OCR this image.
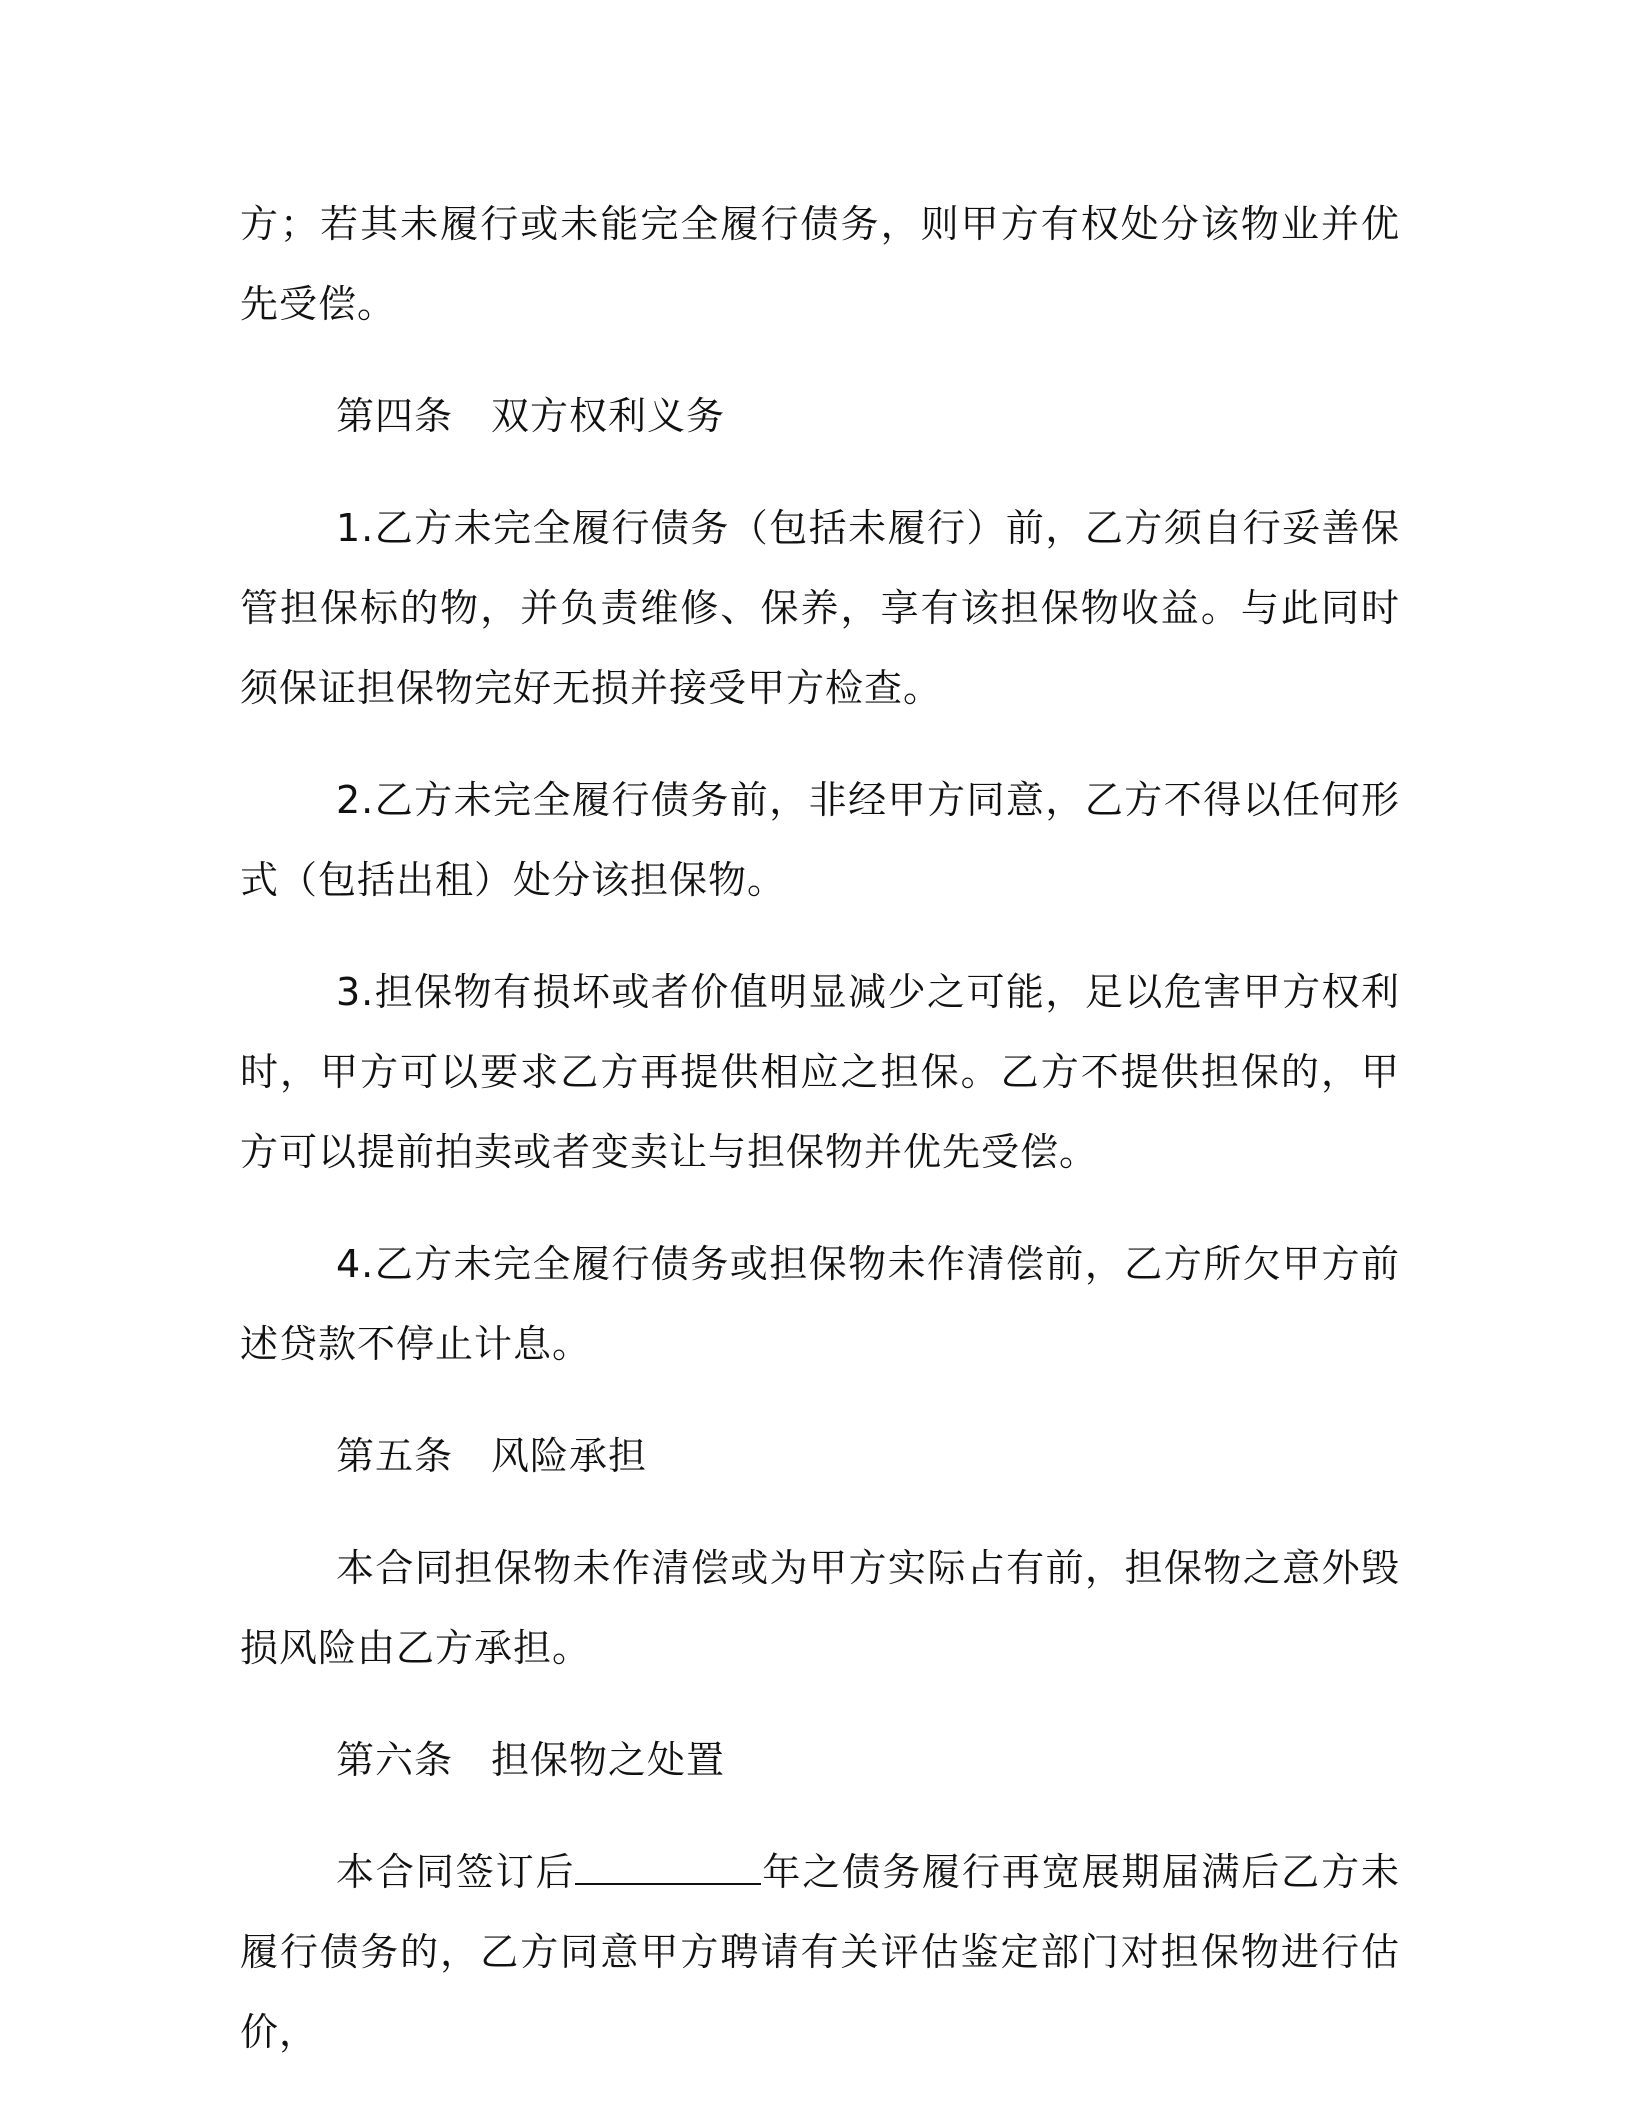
方；若其未履行或未能完全履行债务，则甲方有权处分该物业并优先受偿。

第四条 双方权利义务

1.乙方未完全履行债务（包括未履行）前，乙方须自行妥善保管担保标的物，并负责维修、保养，享有该担保物收益。与此同时须保证担保物完好无损并接受甲方检查。

2.乙方未完全履行债务前，非经甲方同意，乙方不得以任何形式（包括出租）处分该担保物。

3.担保物有损坏或者价值明显减少之可能，足以危害甲方权利时，甲方可以要求乙方再提供相应之担保。乙方不提供担保的，甲方可以提前拍卖或者变卖让与担保物并优先受偿。

4.乙方未完全履行债务或担保物未作清偿前，乙方所欠甲方前述贷款不停止计息。

第五条 风险承担

本合同担保物未作清偿或为甲方实际占有前，担保物之意外毁损风险由乙方承担。

第六条 担保物之处置

本合同签订后	年之债务履行再宽展期届满后乙方未履行债务的，乙方同意甲方聘请有关评估鉴定部门对担保物进行估价，
